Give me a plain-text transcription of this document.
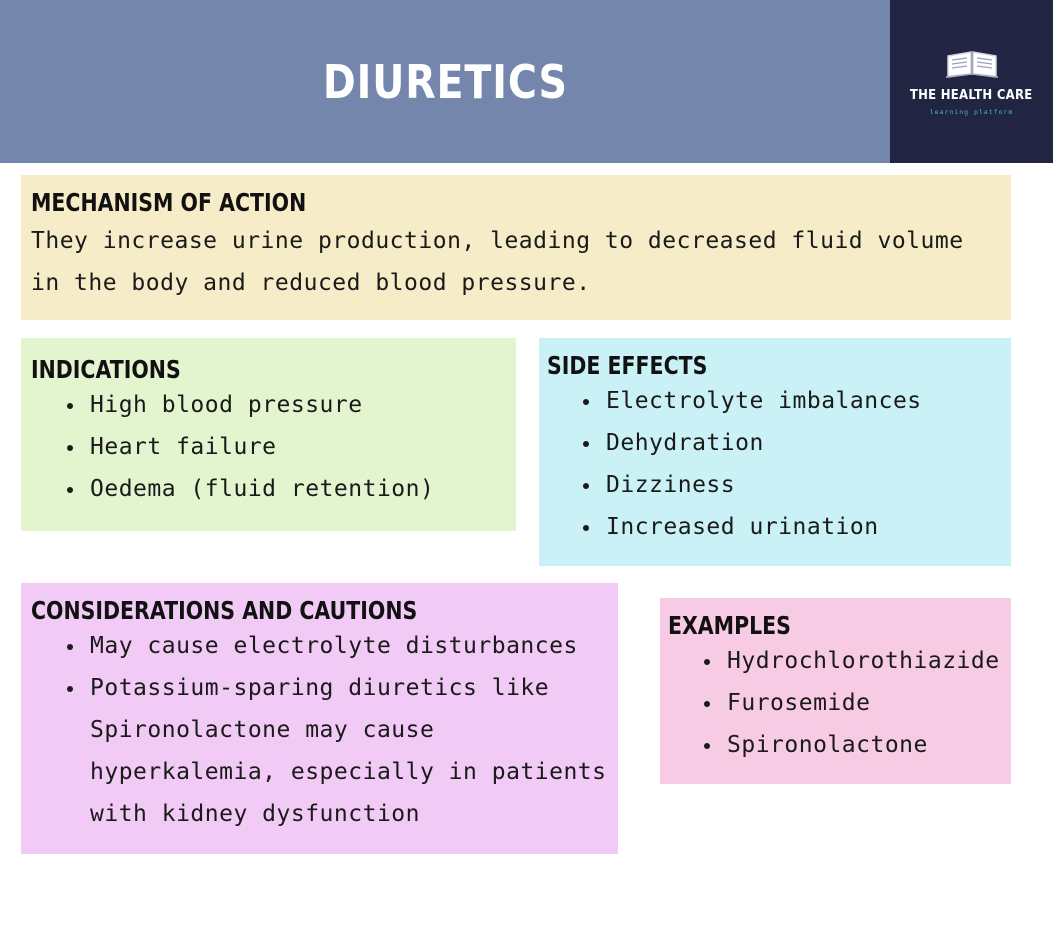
DIURETICS	THE HEALTH CARE
learning platform
MECHANISM OF ACTION

They increase urine production, leading to decreased fluid volume in the body and reduced blood pressure.

INDICATIONS
• High blood pressure
• Heart failure
• Oedema (fluid retention)
SIDE EFFECTS
• Electrolyte imbalances
• Dehydration
• Dizziness
• Increased urination
CONSIDERATIONS AND CAUTIONS
• May cause electrolyte disturbances
• Potassium-sparing diuretics like Spironolactone may cause hyperkalemia, especially in patients with kidney dysfunction
EXAMPLES
• Hydrochlorothiazide
• Furosemide
• Spironolactone
